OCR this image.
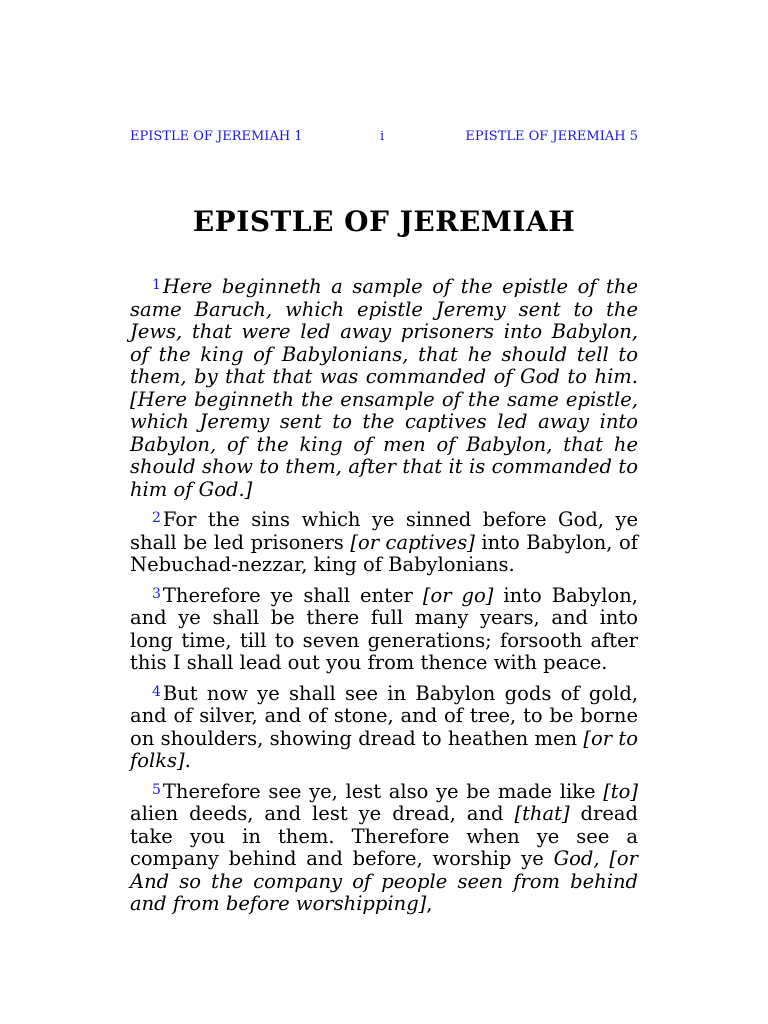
EPISTLE OF JEREMIAH 1	i	EPISTLE OF JEREMIAH 5
EPISTLE OF JEREMIAH

$^1$ Here beginneth a sample of the epistle of the same Baruch, which epistle Jeremy sent to the Jews, that were led away prisoners into Babylon, of the king of Babylonians, that he should tell to them, by that that was commanded of God to him. [Here beginneth the ensample of the same epistle, which Jeremy sent to the captives led away into Babylon, of the king of men of Babylon, that he should show to them, after that it is commanded to him of God.]

$^2$ For the sins which ye sinned before God, ye shall be led prisoners [or captives] into Babylon, of Nebuchad-nezzar, king of Babylonians.

$^3$ Therefore ye shall enter [or go] into Babylon, and ye shall be there full many years, and into long time, till to seven generations; forsooth after this I shall lead out you from thence with peace.

$^4$ But now ye shall see in Babylon gods of gold, and of silver, and of stone, and of tree, to be borne on shoulders, showing dread to heathen men [or to folks].

$^5$ Therefore see ye, lest also ye be made like [to] alien deeds, and lest ye dread, and [that] dread take you in them. Therefore when ye see a company behind and before, worship ye God, [or And so the company of people seen from behind and from before worshipping],
